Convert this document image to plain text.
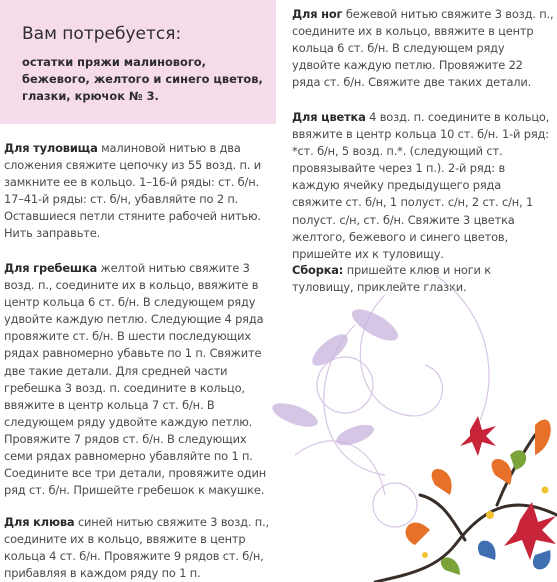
Вам потребуется:

остатки пряжи малинового, бежевого, желтого и синего цветов, глазки, крючок № 3.

Для туловища малиновой нитью в два сложения свяжите цепочку из 55 возд. п. и замкните ее в кольцо. 1–16-й ряды: ст. б/н. 17–41-й ряды: ст. б/н, убавляйте по 2 п. Оставшиеся петли стяните рабочей нитью. Нить заправьте.

Для гребешка желтой нитью свяжите 3 возд. п., соедините их в кольцо, ввяжите в центр кольца 6 ст. б/н. В следующем ряду удвойте каждую петлю. Следующие 4 ряда провяжите ст. б/н. В шести последующих рядах равномерно убавьте по 1 п. Свяжите две такие детали. Для средней части гребешка 3 возд. п. соедините в кольцо, ввяжите в центр кольца 7 ст. б/н. В следующем ряду удвойте каждую петлю. Провяжите 7 рядов ст. б/н. В следующих семи рядах равномерно убавляйте по 1 п. Соедините все три детали, провяжите один ряд ст. б/н. Пришейте гребешок к макушке.

Для клюва синей нитью свяжите 3 возд. п., соедините их в кольцо, ввяжите в центр кольца 4 ст. б/н. Провяжите 9 рядов ст. б/н, прибавляя в каждом ряду по 1 п.

Для ног бежевой нитью свяжите 3 возд. п., соедините их в кольцо, ввяжите в центр кольца 6 ст. б/н. В следующем ряду удвойте каждую петлю. Провяжите 22 ряда ст. б/н. Свяжите две таких детали.

Для цветка 4 возд. п. соедините в кольцо, ввяжите в центр кольца 10 ст. б/н. 1-й ряд: *ст. б/н, 5 возд. п.*. (следующий ст. провязывайте через 1 п.). 2-й ряд: в каждую ячейку предыдущего ряда свяжите ст. б/н, 1 полуст. с/н, 2 ст. с/н, 1 полуст. с/н, ст. б/н. Свяжите 3 цветка желтого, бежевого и синего цветов, пришейте их к туловищу.

Сборка: пришейте клюв и ноги к туловищу, приклейте глазки.
